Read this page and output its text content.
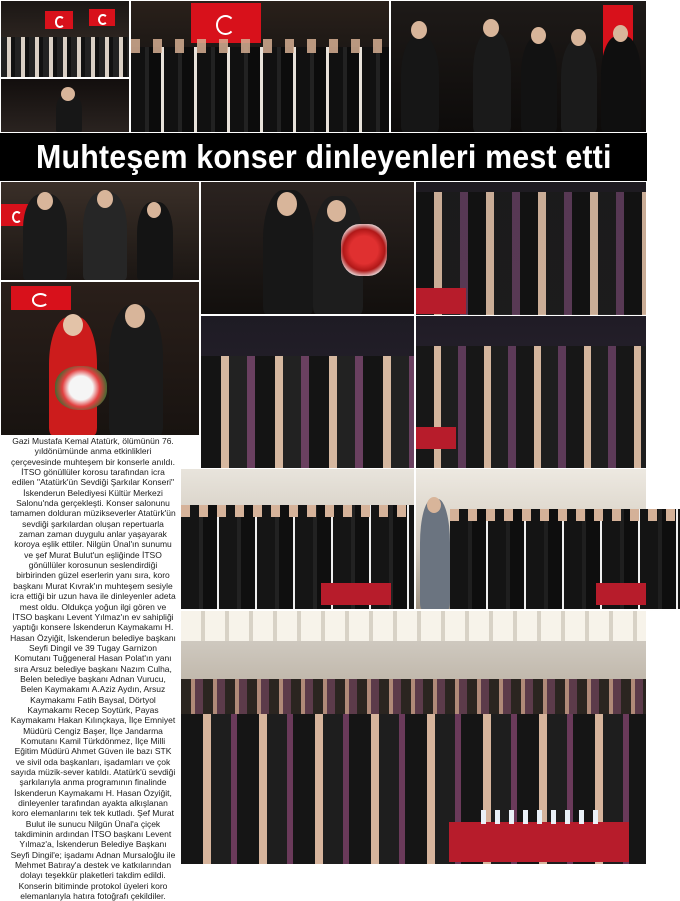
Muhteşem konser dinleyenleri mest etti

Gazi Mustafa Kemal Atatürk, ölümünün 76. yıldönümünde anma etkinlikleri çerçevesinde muhteşem bir konserle anıldı. İTSO gönüllüler korosu tarafından icra edilen "Atatürk'ün Sevdiği Şarkılar Konseri" İskenderun Belediyesi Kültür Merkezi Salonu'nda gerçekleşti. Konser salonunu tamamen dolduran müzikseverler Atatürk'ün sevdiği şarkılardan oluşan repertuarla zaman zaman duygulu anlar yaşayarak koroya eşlik ettiler. Nilgün Ünal'ın sunumu ve şef Murat Bulut'un eşliğinde İTSO gönüllüler korosunun seslendirdiği birbirinden güzel eserlerin yanı sıra, koro başkanı Murat Kıvrak'ın muhteşem sesiyle icra ettiği bir uzun hava ile dinleyenler adeta mest oldu. Oldukça yoğun ilgi gören ve İTSO başkanı Levent Yılmaz'ın ev sahipliği yaptığı konsere İskenderun Kaymakamı H. Hasan Özyiğit, İskenderun belediye başkanı Seyfi Dingil ve 39 Tugay Garnizon Komutanı Tuğgeneral Hasan Polat'ın yanı sıra Arsuz belediye başkanı Nazım Culha, Belen belediye başkanı Adnan Vurucu, Belen Kaymakamı A.Aziz Aydın, Arsuz Kaymakamı Fatih Baysal, Dörtyol Kaymakamı Recep Soytürk, Payas Kaymakamı Hakan Kılınçkaya, İlçe Emniyet Müdürü Cengiz Başer, İlçe Jandarma Komutanı Kamil Türkdönmez, İlçe Milli Eğitim Müdürü Ahmet Güven ile bazı STK ve sivil oda başkanları, işadamları ve çok sayıda müzik-sever katıldı. Atatürk'ü sevdiği şarkılarıyla anma programının finalinde İskenderun Kaymakamı H. Hasan Özyiğit, dinleyenler tarafından ayakta alkışlanan koro elemanlarını tek tek kutladı. Şef Murat Bulut ile sunucu Nilgün Ünal'a çiçek takdiminin ardından İTSO başkanı Levent Yılmaz'a, İskenderun Belediye Başkanı Seyfi Dingil'e; işadamı Adnan Mursaloğlu ile Mehmet Batıray'a destek ve katkılarından dolayı teşekkür plaketleri takdim edildi. Konserin bitiminde protokol üyeleri koro elemanlarıyla hatıra fotoğrafı çekildiler.
